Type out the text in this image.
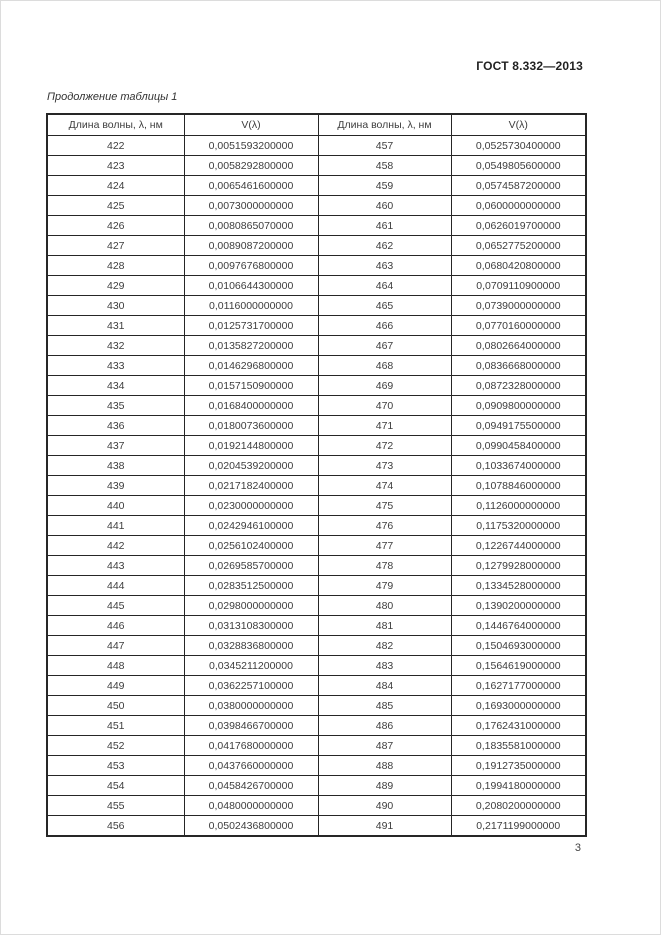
ГОСТ 8.332—2013
Продолжение таблицы 1
Длина волны, λ, нм	V(λ)	Длина волны, λ, нм	V(λ)
422	0,0051593200000	457	0,0525730400000
423	0,0058292800000	458	0,0549805600000
424	0,0065461600000	459	0,0574587200000
425	0,0073000000000	460	0,0600000000000
426	0,0080865070000	461	0,0626019700000
427	0,0089087200000	462	0,0652775200000
428	0,0097676800000	463	0,0680420800000
429	0,0106644300000	464	0,0709110900000
430	0,0116000000000	465	0,0739000000000
431	0,0125731700000	466	0,0770160000000
432	0,0135827200000	467	0,0802664000000
433	0,0146296800000	468	0,0836668000000
434	0,0157150900000	469	0,0872328000000
435	0,0168400000000	470	0,0909800000000
436	0,0180073600000	471	0,0949175500000
437	0,0192144800000	472	0,0990458400000
438	0,0204539200000	473	0,1033674000000
439	0,0217182400000	474	0,1078846000000
440	0,0230000000000	475	0,1126000000000
441	0,0242946100000	476	0,1175320000000
442	0,0256102400000	477	0,1226744000000
443	0,0269585700000	478	0,1279928000000
444	0,0283512500000	479	0,1334528000000
445	0,0298000000000	480	0,1390200000000
446	0,0313108300000	481	0,1446764000000
447	0,0328836800000	482	0,1504693000000
448	0,0345211200000	483	0,1564619000000
449	0,0362257100000	484	0,1627177000000
450	0,0380000000000	485	0,1693000000000
451	0,0398466700000	486	0,1762431000000
452	0,0417680000000	487	0,1835581000000
453	0,0437660000000	488	0,1912735000000
454	0,0458426700000	489	0,1994180000000
455	0,0480000000000	490	0,2080200000000
456	0,0502436800000	491	0,2171199000000
3
